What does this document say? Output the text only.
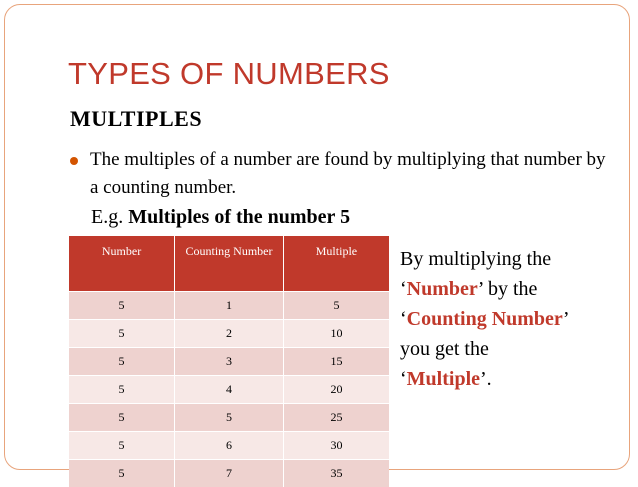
TYPES OF NUMBERS
MULTIPLES
The multiples of a number are found by multiplying that number by a counting number.
E.g. Multiples of the number 5
Number	Counting Number	Multiple
5	1	5
5	2	10
5	3	15
5	4	20
5	5	25
5	6	30
5	7	35
By multiplying the
‘Number’ by the
‘Counting Number’
you get the
‘Multiple’.
